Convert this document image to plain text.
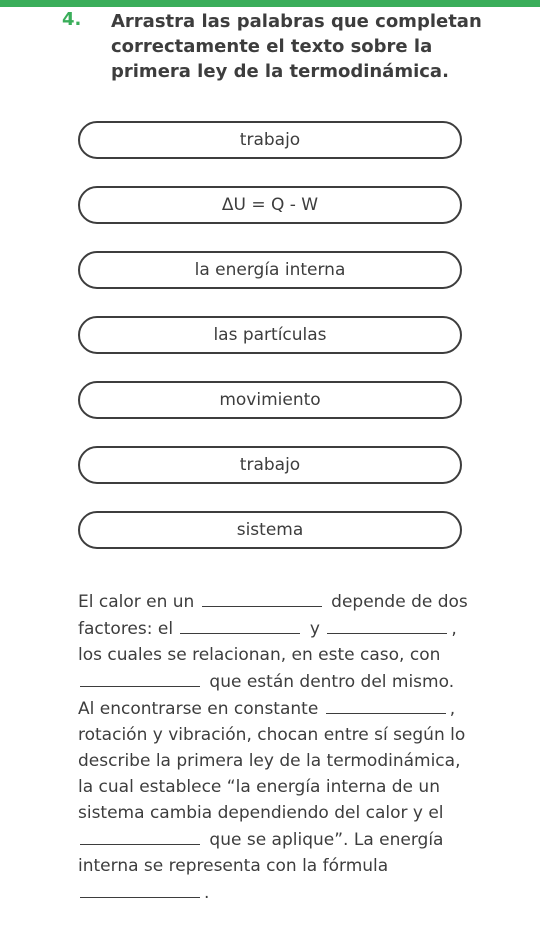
4. Arrastra las palabras que completan correctamente el texto sobre la primera ley de la termodinámica.
trabajo
ΔU = Q - W
la energía interna
las partículas
movimiento
trabajo
sistema
El calor en un	depende de dos factores: el	y	, los cuales se relacionan, en este caso, con  que están dentro del mismo. Al encontrarse en constante	, rotación y vibración, chocan entre sí según lo describe la primera ley de la termodinámica, la cual establece “la energía interna de un sistema cambia dependiendo del calor y el  que se aplique”. La energía interna se representa con la fórmula .
